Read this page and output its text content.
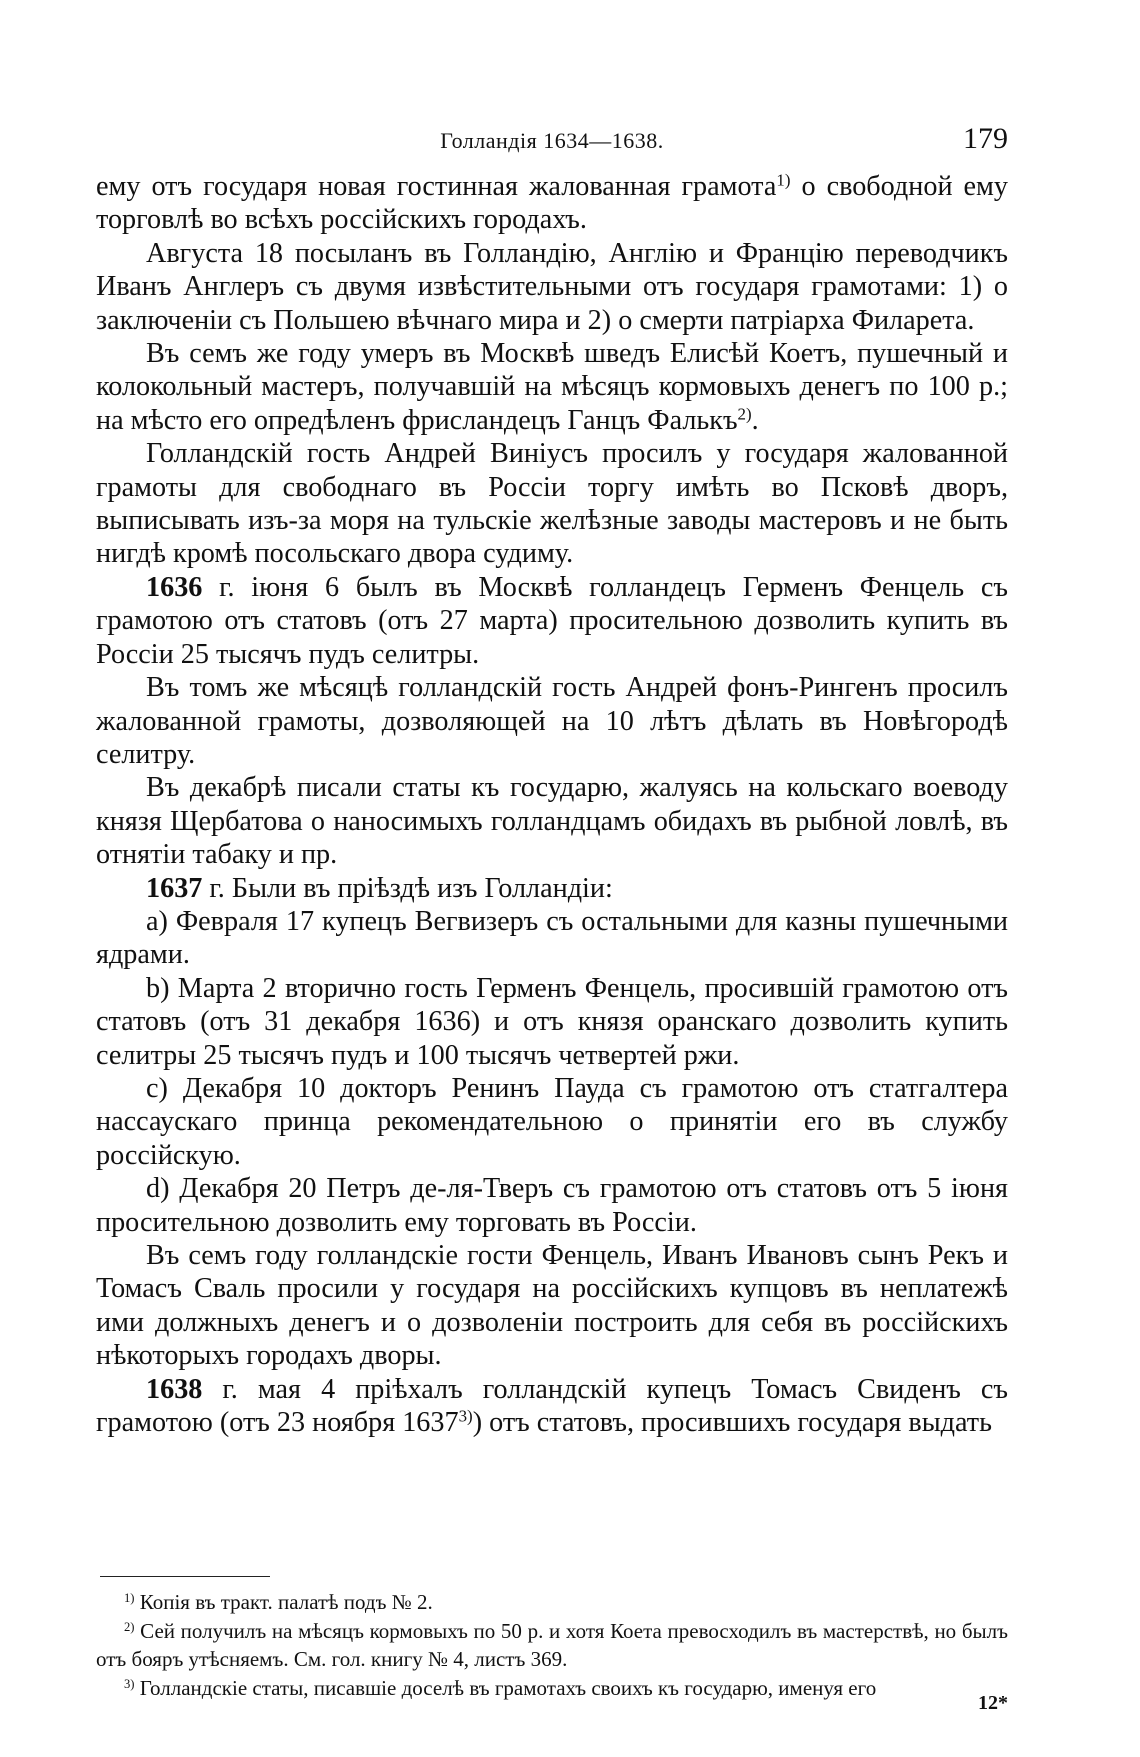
Голландія 1634—1638.	179

ему отъ государя новая гостинная жалованная грамота$^{1)}$ о свободной ему торговлѣ во всѣхъ россійскихъ городахъ.

Августа 18 посыланъ въ Голландію, Англію и Францію переводчикъ Иванъ Англеръ съ двумя извѣстительными отъ государя грамотами: 1) о заключеніи съ Польшею вѣчнаго мира и 2) о смерти патріарха Филарета.

Въ семъ же году умеръ въ Москвѣ шведъ Елисѣй Коетъ, пушечный и колокольный мастеръ, получавшій на мѣсяцъ кормовыхъ денегъ по 100 р.; на мѣсто его опредѣленъ фрисландецъ Ганцъ Фалькъ$^{2)}$.

Голландскій гость Андрей Виніусъ просилъ у государя жалованной грамоты для свободнаго въ Россіи торгу имѣть во Псковѣ дворъ, выписывать изъ-за моря на тульскіе желѣзные заводы мастеровъ и не быть нигдѣ кромѣ посольскаго двора судиму.

1636 г. іюня 6 былъ въ Москвѣ голландецъ Герменъ Фенцель съ грамотою отъ статовъ (отъ 27 марта) просительною дозволить купить въ Россіи 25 тысячъ пудъ селитры.

Въ томъ же мѣсяцѣ голландскій гость Андрей фонъ-Рингенъ просилъ жалованной грамоты, дозволяющей на 10 лѣтъ дѣлать въ Новѣгородѣ селитру.

Въ декабрѣ писали статы къ государю, жалуясь на кольскаго воеводу князя Щербатова о наносимыхъ голландцамъ обидахъ въ рыбной ловлѣ, въ отнятіи табаку и пр.

1637 г. Были въ пріѣздѣ изъ Голландіи:

a) Февраля 17 купецъ Вегвизеръ съ остальными для казны пушечными ядрами.

b) Марта 2 вторично гость Герменъ Фенцель, просившій грамотою отъ статовъ (отъ 31 декабря 1636) и отъ князя оранскаго дозволить купить селитры 25 тысячъ пудъ и 100 тысячъ четвертей ржи.

c) Декабря 10 докторъ Ренинъ Пауда съ грамотою отъ статгалтера нассаускаго принца рекомендательною о принятіи его въ службу россійскую.

d) Декабря 20 Петръ де-ля-Тверъ съ грамотою отъ статовъ отъ 5 іюня просительною дозволить ему торговать въ Россіи.

Въ семъ году голландскіе гости Фенцель, Иванъ Ивановъ сынъ Рекъ и Томасъ Сваль просили у государя на россійскихъ купцовъ въ неплатежѣ ими должныхъ денегъ и о дозволеніи построить для себя въ россійскихъ нѣкоторыхъ городахъ дворы.

1638 г. мая 4 пріѣхалъ голландскій купецъ Томасъ Свиденъ съ грамотою (отъ 23 ноября 1637$^{3)}$) отъ статовъ, просившихъ государя выдать

$^{1)}$ Копія въ тракт. палатѣ подъ № 2.

$^{2)}$ Сей получилъ на мѣсяцъ кормовыхъ по 50 р. и хотя Коета превосходилъ въ мастерствѣ, но былъ отъ бояръ утѣсняемъ. См. гол. книгу № 4, листъ 369.

$^{3)}$ Голландскіе статы, писавшіе доселѣ въ грамотахъ своихъ къ государю, именуя его

12*
